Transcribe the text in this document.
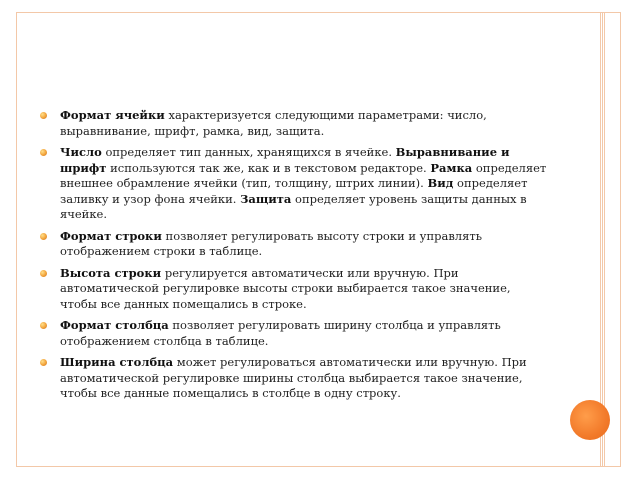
Формат ячейки характеризуется следующими параметрами: число, выравнивание, шрифт, рамка, вид, защита.
Число определяет тип данных, хранящихся в ячейке. Выравнивание и шрифт используются так же, как и в текстовом редакторе. Рамка определяет внешнее обрамление ячейки (тип, толщину, штрих линии). Вид определяет заливку и узор фона ячейки. Защита определяет уровень защиты данных в ячейке.
Формат строки позволяет регулировать высоту строки и управлять отображением строки в таблице.
Высота строки регулируется автоматически или вручную. При автоматической регулировке высоты строки выбирается такое значение, чтобы все данных помещались в строке.
Формат столбца позволяет регулировать ширину столбца и управлять отображением столбца в таблице.
Ширина столбца может регулироваться автоматически или вручную. При автоматической регулировке ширины столбца выбирается такое значение, чтобы все данные помещались в столбце в одну строку.
